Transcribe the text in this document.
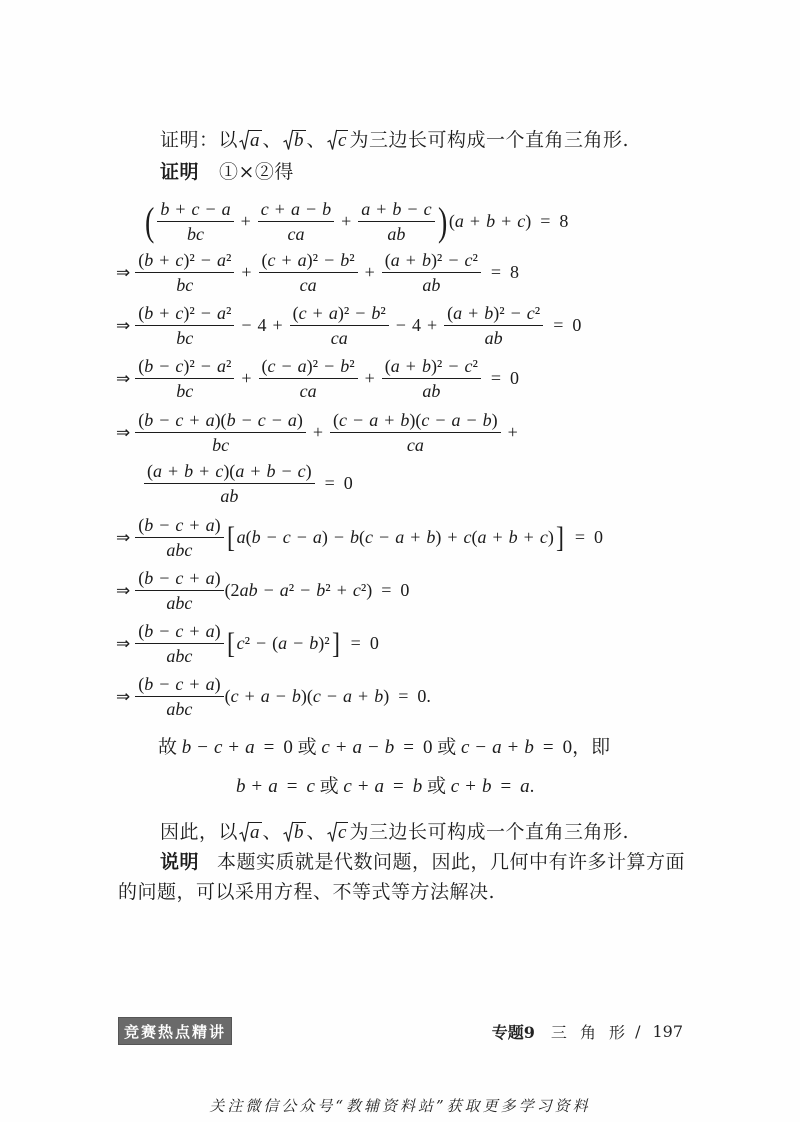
证明：以 a 、 b 、 c 为三边长可构成一个直角三角形.
证明 ①×②得
( $\frac{b + c - a}{bc} + \frac{c + a - b}{ca} + \frac{a + b - c}{ab}$ ) (a + b + c) = 8
⇒ $\frac{\text{(b + c)² − a²}}{bc} + \frac{\text{(c + a)² − b²}}{ca} + \frac{\text{(a + b)² − c²}}{ab} = 8$
⇒ $\frac{\text{(b + c)² − a²}}{bc} - 4 + \frac{\text{(c + a)² − b²}}{ca} - 4 + \frac{\text{(a + b)² − c²}}{ab} = 0$
⇒ $\frac{\text{(b − c)² − a²}}{bc} + \frac{\text{(c − a)² − b²}}{ca} + \frac{\text{(a + b)² − c²}}{ab} = 0$
⇒ $\frac{(b - c + a)(b - c - a)}{bc} + \frac{(c - a + b)(c - a - b)}{ca}$ +
$\frac{(a + b + c)(a + b - c)}{ab} = 0$
⇒ $\frac{(b - c + a)}{\text{abc}}$ [ a(b − c − a) − b(c − a + b) + c(a + b + c) ] = 0
⇒ $\frac{(b - c + a)}{\text{abc}} (2ab - a^2 - b^2 + c^2) = 0$
⇒ $\frac{(b - c + a)}{\text{abc}}$ [ c² − (a − b)² ] = 0
⇒ $\frac{(b - c + a)}{\text{abc}} (c + a - b)(c - a + b) = 0$.
故 b − c + a = 0 或 c + a − b = 0 或 c − a + b = 0，即
b + a = c 或 c + a = b 或 c + b = a.
因此，以 a 、 b 、 c 为三边长可构成一个直角三角形.
说明 本题实质就是代数问题，因此，几何中有许多计算方面
的问题，可以采用方程、不等式等方法解决.
竞赛热点精讲	专题9 三 角 形 / 197
关注微信公众号“教辅资料站”获取更多学习资料
